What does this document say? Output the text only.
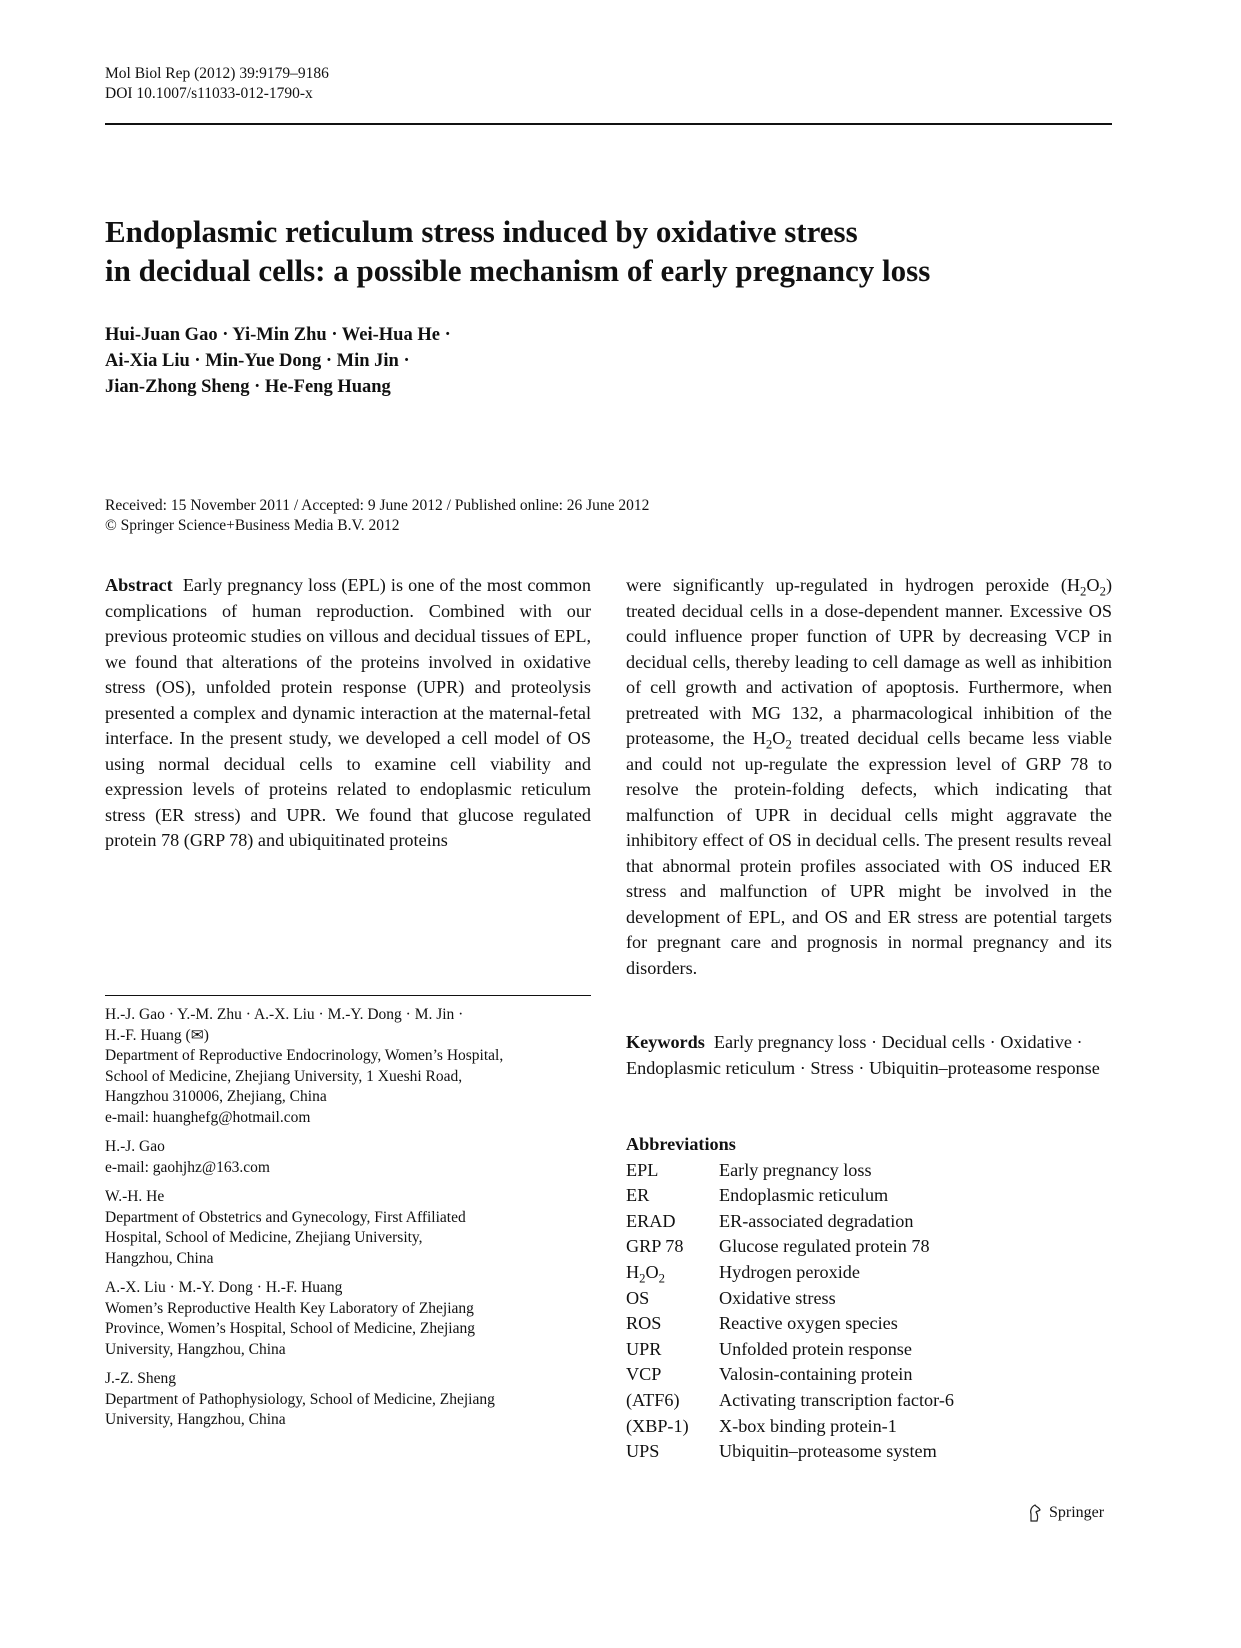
Mol Biol Rep (2012) 39:9179–9186
DOI 10.1007/s11033-012-1790-x
Endoplasmic reticulum stress induced by oxidative stress
in decidual cells: a possible mechanism of early pregnancy loss
Hui-Juan Gao · Yi-Min Zhu · Wei-Hua He ·
Ai-Xia Liu · Min-Yue Dong · Min Jin ·
Jian-Zhong Sheng · He-Feng Huang
Received: 15 November 2011 / Accepted: 9 June 2012 / Published online: 26 June 2012
© Springer Science+Business Media B.V. 2012
Abstract Early pregnancy loss (EPL) is one of the most common complications of human reproduction. Combined with our previous proteomic studies on villous and decidual tissues of EPL, we found that alterations of the proteins involved in oxidative stress (OS), unfolded protein response (UPR) and proteolysis presented a complex and dynamic interaction at the maternal-fetal interface. In the present study, we developed a cell model of OS using normal decidual cells to examine cell viability and expression levels of proteins related to endoplasmic reticulum stress (ER stress) and UPR. We found that glucose regulated protein 78 (GRP 78) and ubiquitinated proteins
were significantly up-regulated in hydrogen peroxide $(H_2O_2)$ treated decidual cells in a dose-dependent manner. Excessive OS could influence proper function of UPR by decreasing VCP in decidual cells, thereby leading to cell damage as well as inhibition of cell growth and activation of apoptosis. Furthermore, when pretreated with MG 132, a pharmacological inhibition of the proteasome, the $H_2O_2$ treated decidual cells became less viable and could not up-regulate the expression level of GRP 78 to resolve the protein-folding defects, which indicating that malfunction of UPR in decidual cells might aggravate the inhibitory effect of OS in decidual cells. The present results reveal that abnormal protein profiles associated with OS induced ER stress and malfunction of UPR might be involved in the development of EPL, and OS and ER stress are potential targets for pregnant care and prognosis in normal pregnancy and its disorders.
H.-J. Gao · Y.-M. Zhu · A.-X. Liu · M.-Y. Dong · M. Jin ·
H.-F. Huang (✉)
Department of Reproductive Endocrinology, Women’s Hospital,
School of Medicine, Zhejiang University, 1 Xueshi Road,
Hangzhou 310006, Zhejiang, China
e-mail: huanghefg@hotmail.com
H.-J. Gao
e-mail: gaohjhz@163.com
W.-H. He
Department of Obstetrics and Gynecology, First Affiliated
Hospital, School of Medicine, Zhejiang University,
Hangzhou, China
A.-X. Liu · M.-Y. Dong · H.-F. Huang
Women’s Reproductive Health Key Laboratory of Zhejiang
Province, Women’s Hospital, School of Medicine, Zhejiang
University, Hangzhou, China
J.-Z. Sheng
Department of Pathophysiology, School of Medicine, Zhejiang
University, Hangzhou, China
Keywords Early pregnancy loss · Decidual cells · Oxidative · Endoplasmic reticulum · Stress · Ubiquitin–proteasome response
Abbreviations
EPL	Early pregnancy loss
ER	Endoplasmic reticulum
ERAD	ER-associated degradation
GRP 78	Glucose regulated protein 78
$H_2O_2$	Hydrogen peroxide
OS	Oxidative stress
ROS	Reactive oxygen species
UPR	Unfolded protein response
VCP	Valosin-containing protein
(ATF6)	Activating transcription factor-6
(XBP-1)	X-box binding protein-1
UPS	Ubiquitin–proteasome system
Springer
